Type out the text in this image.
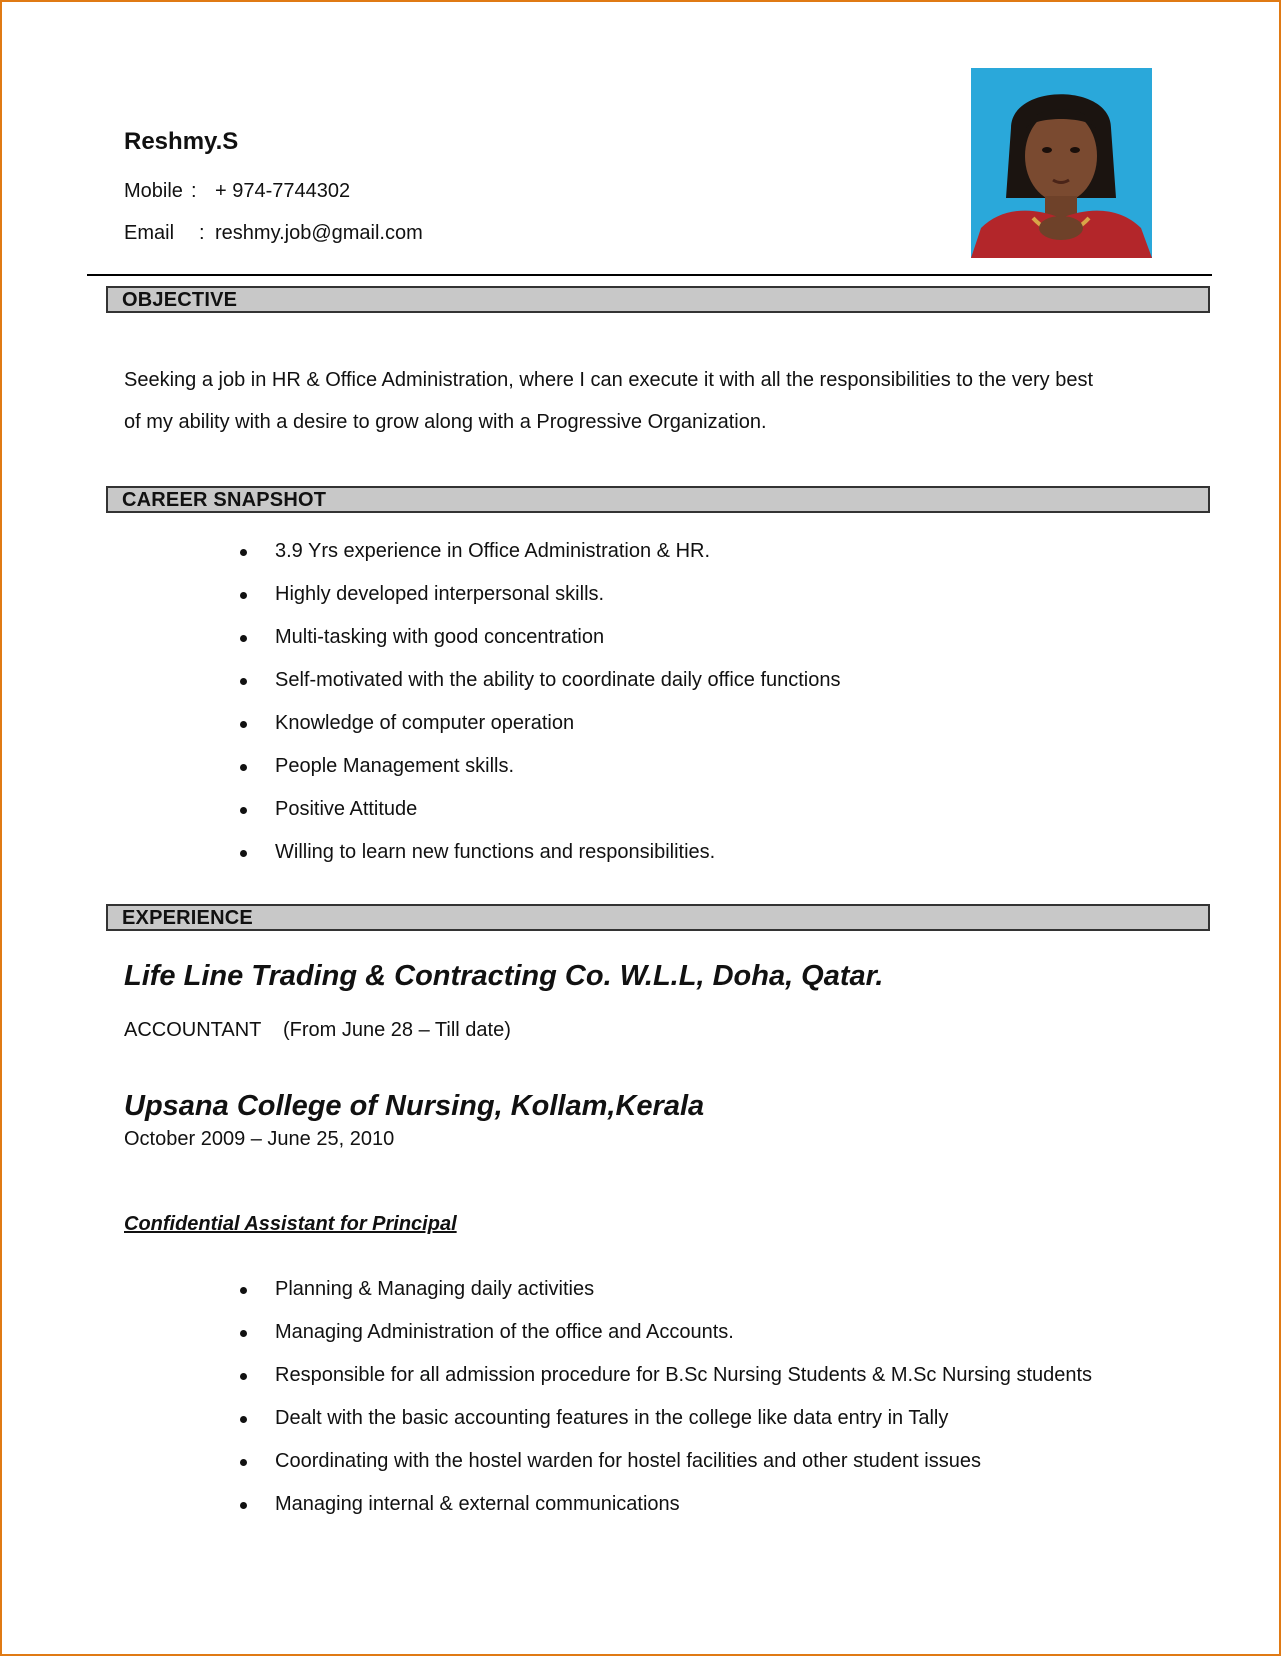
Reshmy.S

Mobile : + 974-7744302
Email : reshmy.job@gmail.com
OBJECTIVE

Seeking a job in HR & Office Administration, where I can execute it with all the responsibilities to the very best

of my ability with a desire to grow along with a Progressive Organization.

CAREER SNAPSHOT
3.9 Yrs experience in Office Administration & HR.
Highly developed interpersonal skills.
Multi-tasking with good concentration
Self-motivated with the ability to coordinate daily office functions
Knowledge of computer operation
People Management skills.
Positive Attitude
Willing to learn new functions and responsibilities.
EXPERIENCE

Life Line Trading & Contracting Co. W.L.L, Doha, Qatar.

ACCOUNTANT (From June 28 – Till date)

Upsana College of Nursing, Kollam,Kerala

October 2009 – June 25, 2010
Confidential Assistant for Principal
Planning & Managing daily activities
Managing Administration of the office and Accounts.
Responsible for all admission procedure for B.Sc Nursing Students & M.Sc Nursing students
Dealt with the basic accounting features in the college like data entry in Tally
Coordinating with the hostel warden for hostel facilities and other student issues
Managing internal & external communications
